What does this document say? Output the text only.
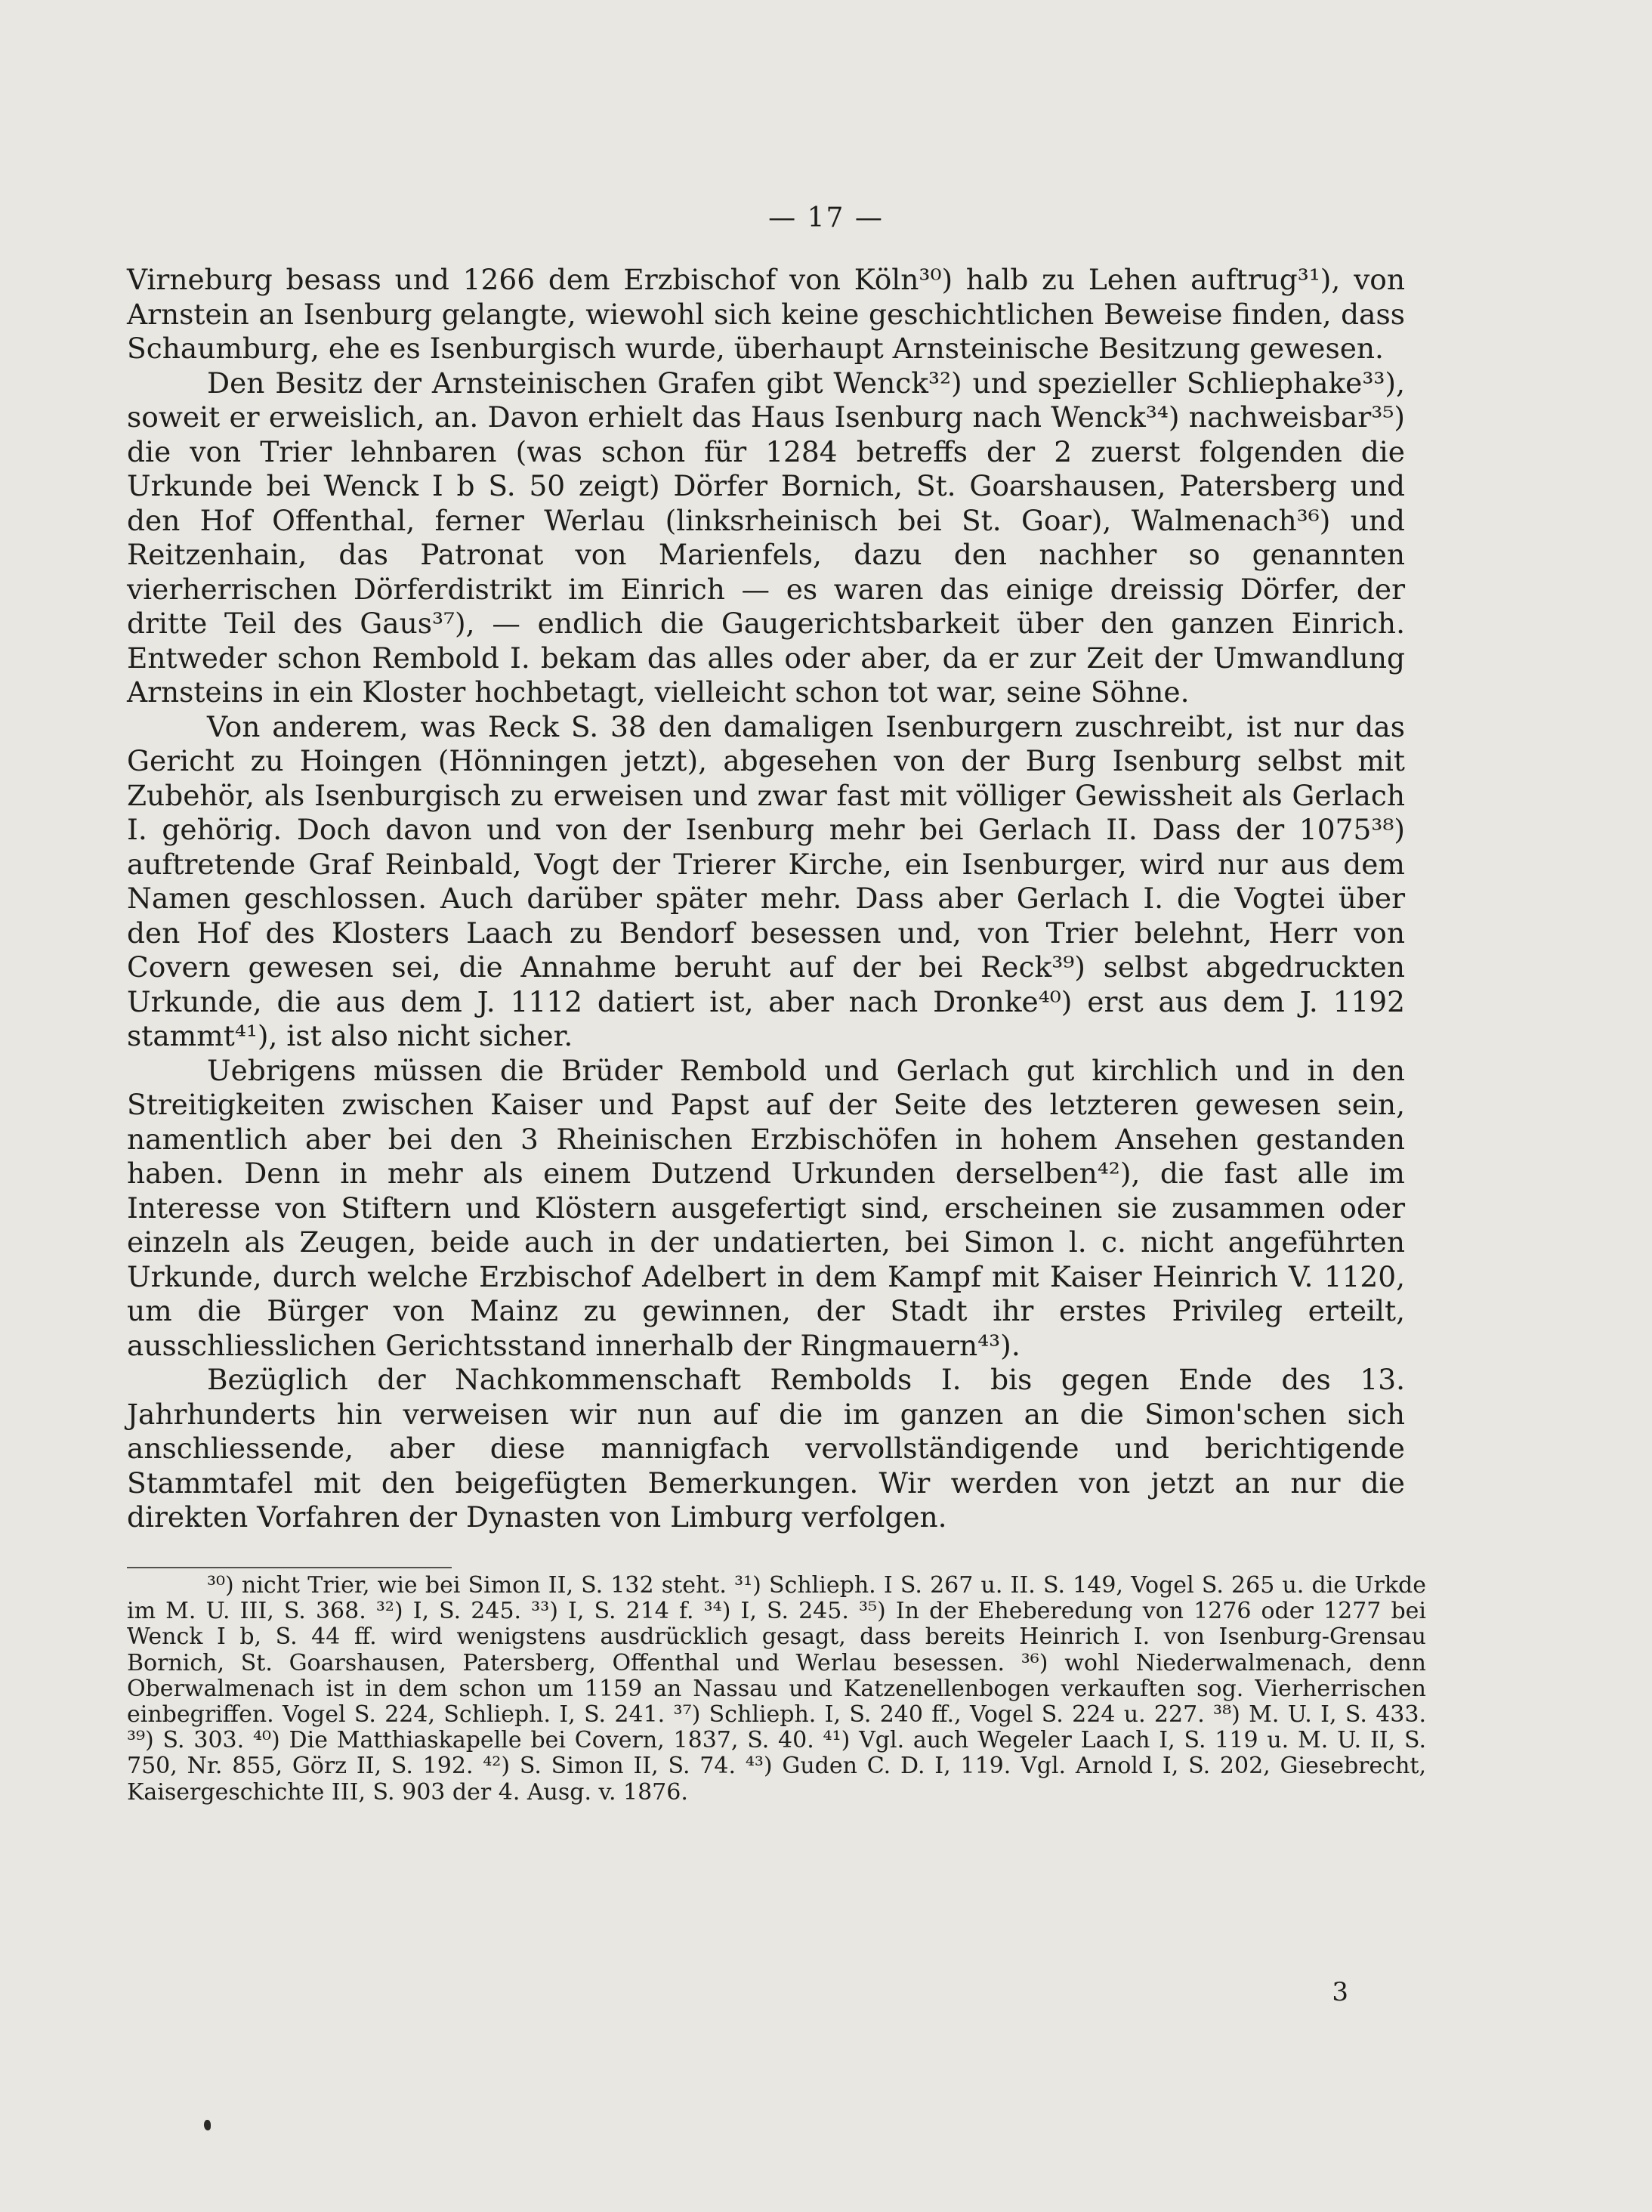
— 17 —

Virneburg besass und 1266 dem Erzbischof von Köln³⁰) halb zu Lehen auftrug³¹), von Arnstein an Isenburg gelangte, wiewohl sich keine geschichtlichen Beweise finden, dass Schaumburg, ehe es Isenburgisch wurde, überhaupt Arnsteinische Besitzung gewesen.

Den Besitz der Arnsteinischen Grafen gibt Wenck³²) und spezieller Schliephake³³), soweit er erweislich, an. Davon erhielt das Haus Isenburg nach Wenck³⁴) nachweisbar³⁵) die von Trier lehnbaren (was schon für 1284 betreffs der 2 zuerst folgenden die Urkunde bei Wenck I b S. 50 zeigt) Dörfer Bornich, St. Goarshausen, Patersberg und den Hof Offenthal, ferner Werlau (linksrheinisch bei St. Goar), Walmenach³⁶) und Reitzenhain, das Patronat von Marienfels, dazu den nachher so genannten vierherrischen Dörferdistrikt im Einrich — es waren das einige dreissig Dörfer, der dritte Teil des Gaus³⁷), — endlich die Gaugerichtsbarkeit über den ganzen Einrich. Entweder schon Rembold I. bekam das alles oder aber, da er zur Zeit der Umwandlung Arnsteins in ein Kloster hochbetagt, vielleicht schon tot war, seine Söhne.

Von anderem, was Reck S. 38 den damaligen Isenburgern zuschreibt, ist nur das Gericht zu Hoingen (Hönningen jetzt), abgesehen von der Burg Isenburg selbst mit Zubehör, als Isenburgisch zu erweisen und zwar fast mit völliger Gewissheit als Gerlach I. gehörig. Doch davon und von der Isenburg mehr bei Gerlach II. Dass der 1075³⁸) auftretende Graf Reinbald, Vogt der Trierer Kirche, ein Isenburger, wird nur aus dem Namen geschlossen. Auch darüber später mehr. Dass aber Gerlach I. die Vogtei über den Hof des Klosters Laach zu Bendorf besessen und, von Trier belehnt, Herr von Covern gewesen sei, die Annahme beruht auf der bei Reck³⁹) selbst abgedruckten Urkunde, die aus dem J. 1112 datiert ist, aber nach Dronke⁴⁰) erst aus dem J. 1192 stammt⁴¹), ist also nicht sicher.

Uebrigens müssen die Brüder Rembold und Gerlach gut kirchlich und in den Streitigkeiten zwischen Kaiser und Papst auf der Seite des letzteren gewesen sein, namentlich aber bei den 3 Rheinischen Erzbischöfen in hohem Ansehen gestanden haben. Denn in mehr als einem Dutzend Urkunden derselben⁴²), die fast alle im Interesse von Stiftern und Klöstern ausgefertigt sind, erscheinen sie zusammen oder einzeln als Zeugen, beide auch in der undatierten, bei Simon l. c. nicht angeführten Urkunde, durch welche Erzbischof Adelbert in dem Kampf mit Kaiser Heinrich V. 1120, um die Bürger von Mainz zu gewinnen, der Stadt ihr erstes Privileg erteilt, ausschliesslichen Gerichtsstand innerhalb der Ringmauern⁴³).

Bezüglich der Nachkommenschaft Rembolds I. bis gegen Ende des 13. Jahrhunderts hin verweisen wir nun auf die im ganzen an die Simon'schen sich anschliessende, aber diese mannigfach vervollständigende und berichtigende Stammtafel mit den beigefügten Bemerkungen. Wir werden von jetzt an nur die direkten Vorfahren der Dynasten von Limburg verfolgen.

³⁰) nicht Trier, wie bei Simon II, S. 132 steht. ³¹) Schlieph. I S. 267 u. II. S. 149, Vogel S. 265 u. die Urkde im M. U. III, S. 368. ³²) I, S. 245. ³³) I, S. 214 f. ³⁴) I, S. 245. ³⁵) In der Eheberedung von 1276 oder 1277 bei Wenck I b, S. 44 ff. wird wenigstens ausdrücklich gesagt, dass bereits Heinrich I. von Isenburg-Grensau Bornich, St. Goarshausen, Patersberg, Offenthal und Werlau besessen. ³⁶) wohl Niederwalmenach, denn Oberwalmenach ist in dem schon um 1159 an Nassau und Katzenellenbogen verkauften sog. Vierherrischen einbegriffen. Vogel S. 224, Schlieph. I, S. 241. ³⁷) Schlieph. I, S. 240 ff., Vogel S. 224 u. 227. ³⁸) M. U. I, S. 433. ³⁹) S. 303. ⁴⁰) Die Matthiaskapelle bei Covern, 1837, S. 40. ⁴¹) Vgl. auch Wegeler Laach I, S. 119 u. M. U. II, S. 750, Nr. 855, Görz II, S. 192. ⁴²) S. Simon II, S. 74. ⁴³) Guden C. D. I, 119. Vgl. Arnold I, S. 202, Giesebrecht, Kaisergeschichte III, S. 903 der 4. Ausg. v. 1876.

3
